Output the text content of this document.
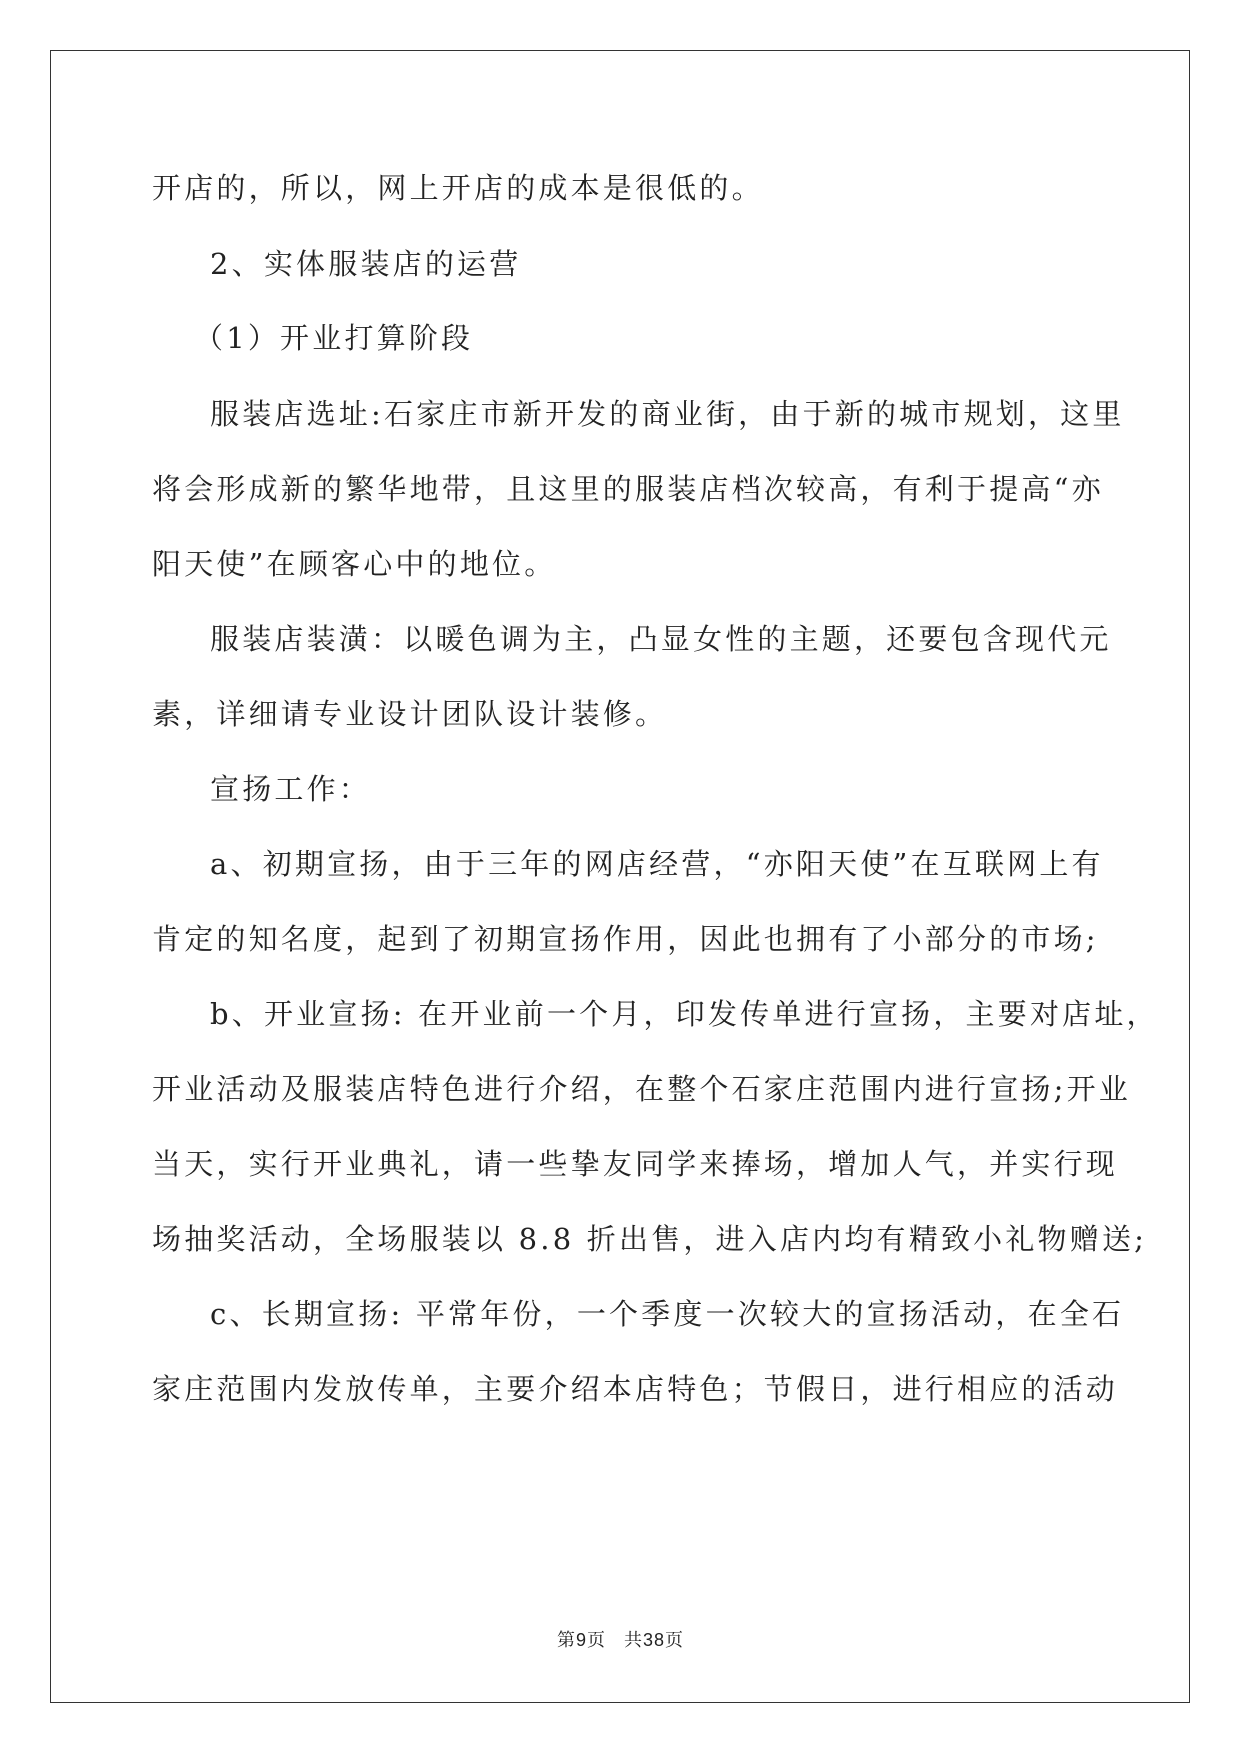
开店的，所以，网上开店的成本是很低的。
2、实体服装店的运营
（1）开业打算阶段
服装店选址:石家庄市新开发的商业街，由于新的城市规划，这里
将会形成新的繁华地带，且这里的服装店档次较高，有利于提高“亦
阳天使”在顾客心中的地位。
服装店装潢：以暖色调为主，凸显女性的主题，还要包含现代元
素，详细请专业设计团队设计装修。
宣扬工作：
a、初期宣扬，由于三年的网店经营，“亦阳天使”在互联网上有
肯定的知名度，起到了初期宣扬作用，因此也拥有了小部分的市场;
b、开业宣扬: 在开业前一个月，印发传单进行宣扬，主要对店址，
开业活动及服装店特色进行介绍，在整个石家庄范围内进行宣扬;开业
当天，实行开业典礼，请一些挚友同学来捧场，增加人气，并实行现
场抽奖活动，全场服装以 8.8 折出售，进入店内均有精致小礼物赠送;
c、长期宣扬: 平常年份，一个季度一次较大的宣扬活动，在全石
家庄范围内发放传单，主要介绍本店特色；节假日，进行相应的活动
第9页 共38页
